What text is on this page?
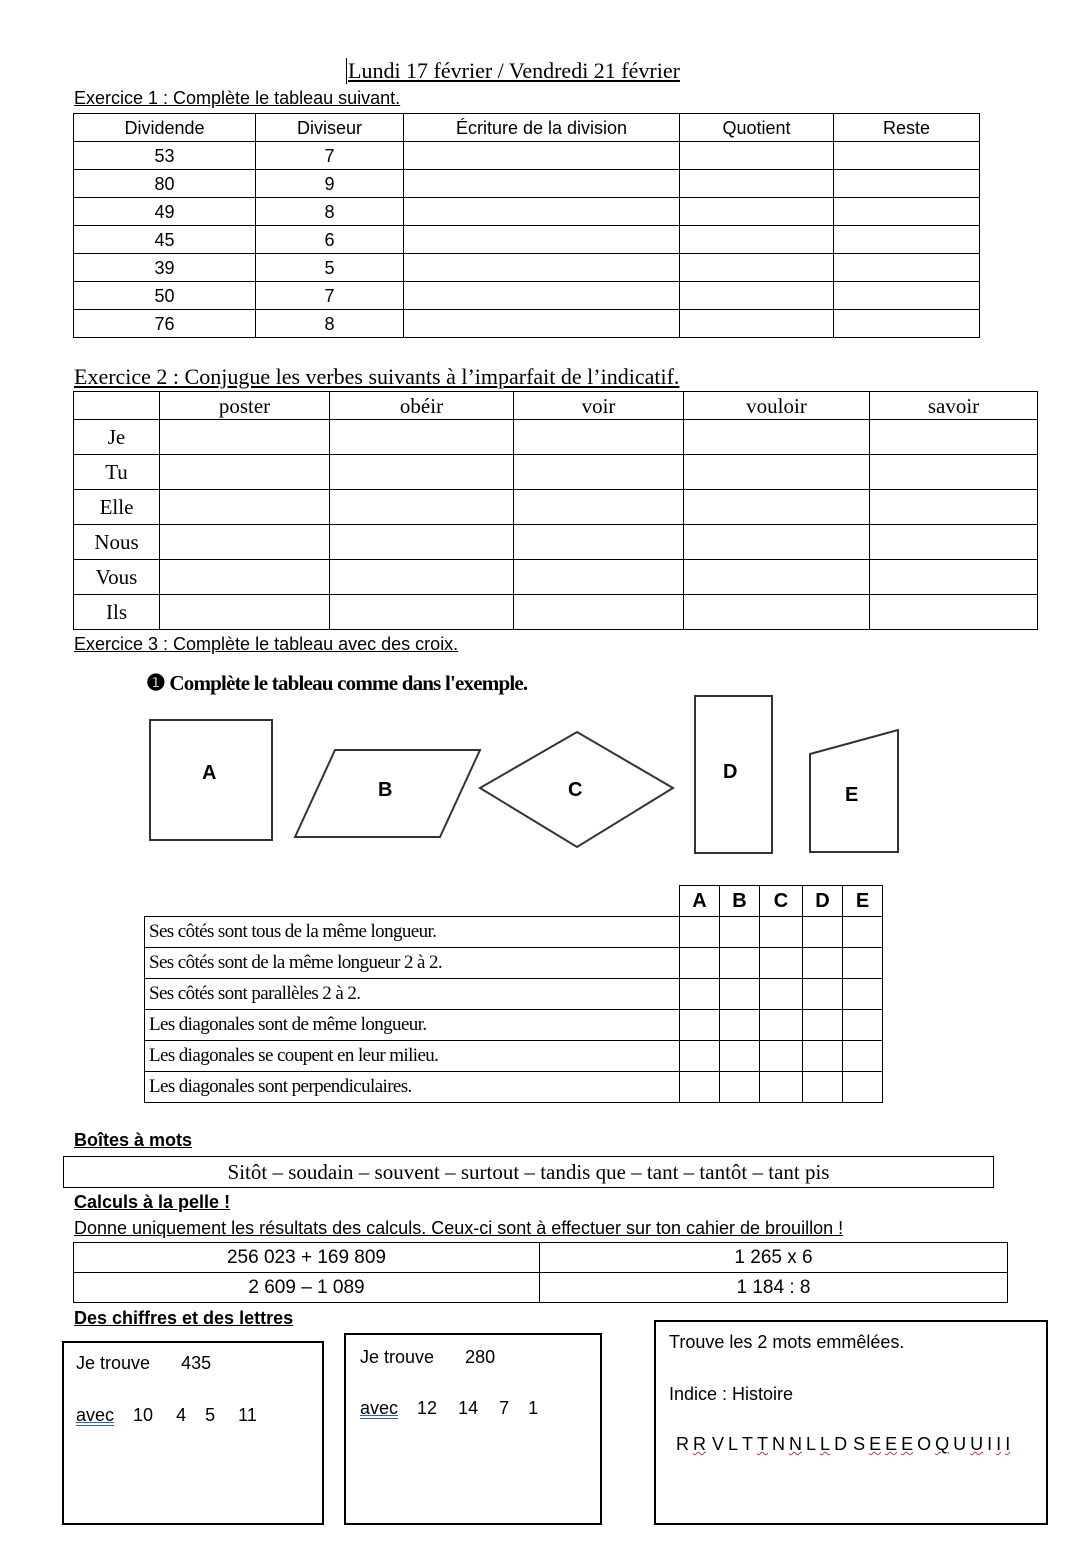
Lundi 17 février / Vendredi 21 février
Exercice 1 : Complète le tableau suivant.
Dividende	Diviseur	Écriture de la division	Quotient	Reste
53	7			
80	9			
49	8			
45	6			
39	5			
50	7			
76	8			
Exercice 2 : Conjugue les verbes suivants à l’imparfait de l’indicatif.
	poster	obéir	voir	vouloir	savoir
Je					
Tu					
Elle					
Nous					
Vous					
Ils					
Exercice 3 : Complète le tableau avec des croix.
❶ Complète le tableau comme dans l'exemple.
A
B	C
D
E
	A	B	C	D	E
Ses côtés sont tous de la même longueur.					
Ses côtés sont de la même longueur 2 à 2.					
Ses côtés sont parallèles 2 à 2.					
Les diagonales sont de même longueur.					
Les diagonales se coupent en leur milieu.					
Les diagonales sont perpendiculaires.					
Boîtes à mots
Sitôt – soudain – souvent – surtout – tandis que – tant – tantôt – tant pis
Calculs à la pelle !
Donne uniquement les résultats des calculs. Ceux-ci sont à effectuer sur ton cahier de brouillon !
256 023 + 169 809	1 265 x 6
2 609 – 1 089	1 184 : 8
Des chiffres et des lettres
Je trouve 435
avec 10 4 5 11
Je trouve 280
avec 12 14 7 1
Trouve les 2 mots emmêlées.
Indice : Histoire
R R V L T T N N L L D S E E E O Q U U I I I
